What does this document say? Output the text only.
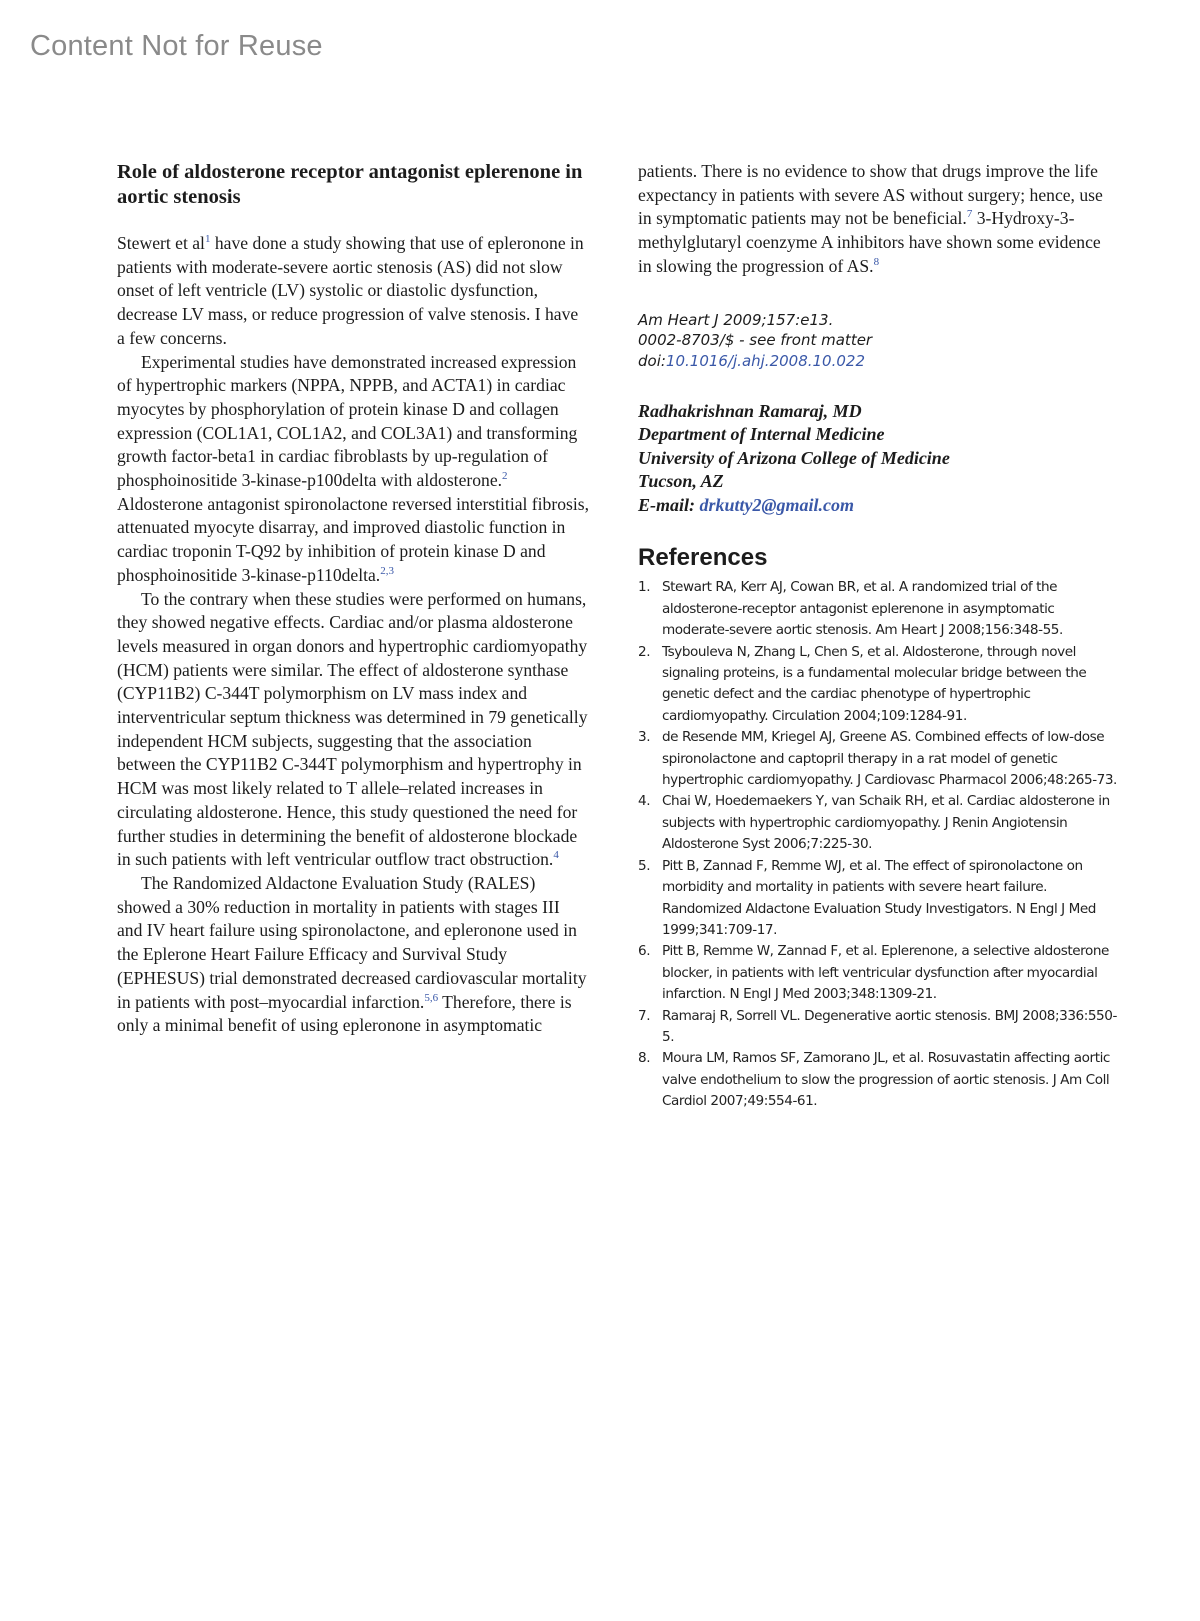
Content Not for Reuse
Role of aldosterone receptor antagonist eplerenone in aortic stenosis

Stewert et al$^1$ have done a study showing that use of epleronone in patients with moderate-severe aortic stenosis (AS) did not slow onset of left ventricle (LV) systolic or diastolic dysfunction, decrease LV mass, or reduce progression of valve stenosis. I have a few concerns.

Experimental studies have demonstrated increased expression of hypertrophic markers (NPPA, NPPB, and ACTA1) in cardiac myocytes by phosphorylation of protein kinase D and collagen expression (COL1A1, COL1A2, and COL3A1) and transforming growth factor-beta1 in cardiac fibroblasts by up-regulation of phosphoinositide 3-kinase-p100delta with aldosterone.$^2$ Aldosterone antagonist spironolactone reversed interstitial fibrosis, attenuated myocyte disarray, and improved diastolic function in cardiac troponin T-Q92 by inhibition of protein kinase D and phosphoinositide 3-kinase-p110delta.$^{2,3}$

To the contrary when these studies were performed on humans, they showed negative effects. Cardiac and/or plasma aldosterone levels measured in organ donors and hypertrophic cardiomyopathy (HCM) patients were similar. The effect of aldosterone synthase (CYP11B2) C-344T polymorphism on LV mass index and interventricular septum thickness was determined in 79 genetically independent HCM subjects, suggesting that the association between the CYP11B2 C-344T polymorphism and hypertrophy in HCM was most likely related to T allele–related increases in circulating aldosterone. Hence, this study questioned the need for further studies in determining the benefit of aldosterone blockade in such patients with left ventricular outflow tract obstruction.$^4$

The Randomized Aldactone Evaluation Study (RALES) showed a 30% reduction in mortality in patients with stages III and IV heart failure using spironolactone, and epleronone used in the Eplerone Heart Failure Efficacy and Survival Study (EPHESUS) trial demonstrated decreased cardiovascular mortality in patients with post–myocardial infarction.$^{5,6}$ Therefore, there is only a minimal benefit of using epleronone in asymptomatic

patients. There is no evidence to show that drugs improve the life expectancy in patients with severe AS without surgery; hence, use in symptomatic patients may not be beneficial.$^7$ 3-Hydroxy-3-methylglutaryl coenzyme A inhibitors have shown some evidence in slowing the progression of AS.$^8$

Am Heart J 2009;157:e13.
0002-8703/$ - see front matter
doi:10.1016/j.ahj.2008.10.022
Radhakrishnan Ramaraj, MD
Department of Internal Medicine
University of Arizona College of Medicine
Tucson, AZ
E-mail: drkutty2@gmail.com
References
1. Stewart RA, Kerr AJ, Cowan BR, et al. A randomized trial of the aldosterone-receptor antagonist eplerenone in asymptomatic moderate-severe aortic stenosis. Am Heart J 2008;156:348-55.
2. Tsybouleva N, Zhang L, Chen S, et al. Aldosterone, through novel signaling proteins, is a fundamental molecular bridge between the genetic defect and the cardiac phenotype of hypertrophic cardiomyopathy. Circulation 2004;109:1284-91.
3. de Resende MM, Kriegel AJ, Greene AS. Combined effects of low-dose spironolactone and captopril therapy in a rat model of genetic hypertrophic cardiomyopathy. J Cardiovasc Pharmacol 2006;48:265-73.
4. Chai W, Hoedemaekers Y, van Schaik RH, et al. Cardiac aldosterone in subjects with hypertrophic cardiomyopathy. J Renin Angiotensin Aldosterone Syst 2006;7:225-30.
5. Pitt B, Zannad F, Remme WJ, et al. The effect of spironolactone on morbidity and mortality in patients with severe heart failure. Randomized Aldactone Evaluation Study Investigators. N Engl J Med 1999;341:709-17.
6. Pitt B, Remme W, Zannad F, et al. Eplerenone, a selective aldosterone blocker, in patients with left ventricular dysfunction after myocardial infarction. N Engl J Med 2003;348:1309-21.
7. Ramaraj R, Sorrell VL. Degenerative aortic stenosis. BMJ 2008;336:550-5.
8. Moura LM, Ramos SF, Zamorano JL, et al. Rosuvastatin affecting aortic valve endothelium to slow the progression of aortic stenosis. J Am Coll Cardiol 2007;49:554-61.
